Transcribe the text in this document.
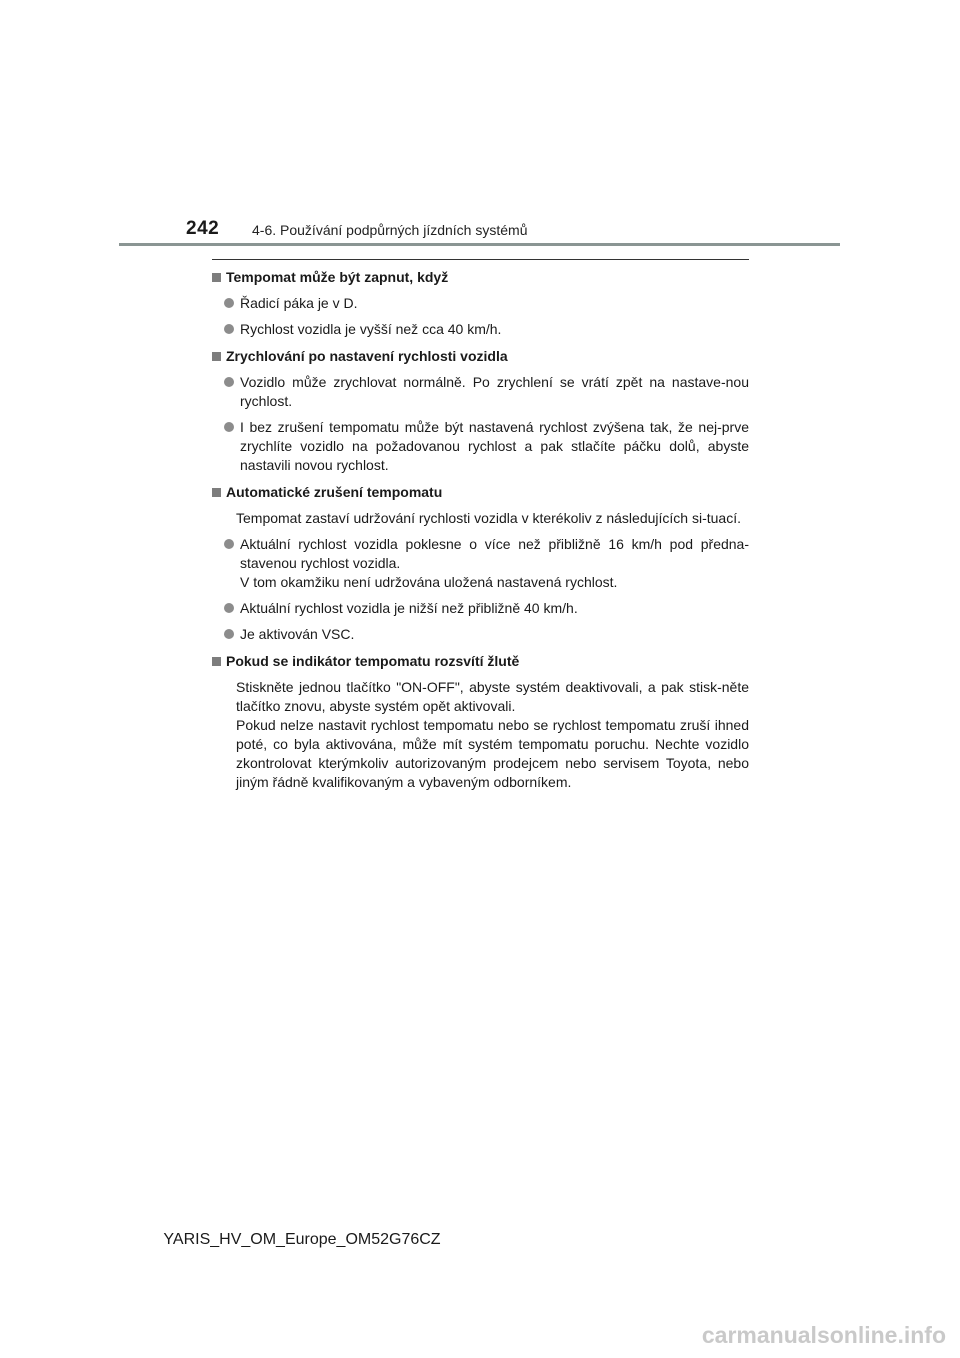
242 4-6. Používání podpůrných jízdních systémů
Tempomat může být zapnut, když
Řadicí páka je v D.
Rychlost vozidla je vyšší než cca 40 km/h.
Zrychlování po nastavení rychlosti vozidla
Vozidlo může zrychlovat normálně. Po zrychlení se vrátí zpět na nastave-nou rychlost.
I bez zrušení tempomatu může být nastavená rychlost zvýšena tak, že nej-prve zrychlíte vozidlo na požadovanou rychlost a pak stlačíte páčku dolů, abyste nastavili novou rychlost.
Automatické zrušení tempomatu
Tempomat zastaví udržování rychlosti vozidla v kterékoliv z následujících si-tuací.
Aktuální rychlost vozidla poklesne o více než přibližně 16 km/h pod předna-stavenou rychlost vozidla.
V tom okamžiku není udržována uložená nastavená rychlost.
Aktuální rychlost vozidla je nižší než přibližně 40 km/h.
Je aktivován VSC.
Pokud se indikátor tempomatu rozsvítí žlutě
Stiskněte jednou tlačítko "ON-OFF", abyste systém deaktivovali, a pak stisk-něte tlačítko znovu, abyste systém opět aktivovali.
Pokud nelze nastavit rychlost tempomatu nebo se rychlost tempomatu zruší ihned poté, co byla aktivována, může mít systém tempomatu poruchu. Nechte vozidlo zkontrolovat kterýmkoliv autorizovaným prodejcem nebo servisem Toyota, nebo jiným řádně kvalifikovaným a vybaveným odborníkem.
YARIS_HV_OM_Europe_OM52G76CZ
carmanualsonline.info
